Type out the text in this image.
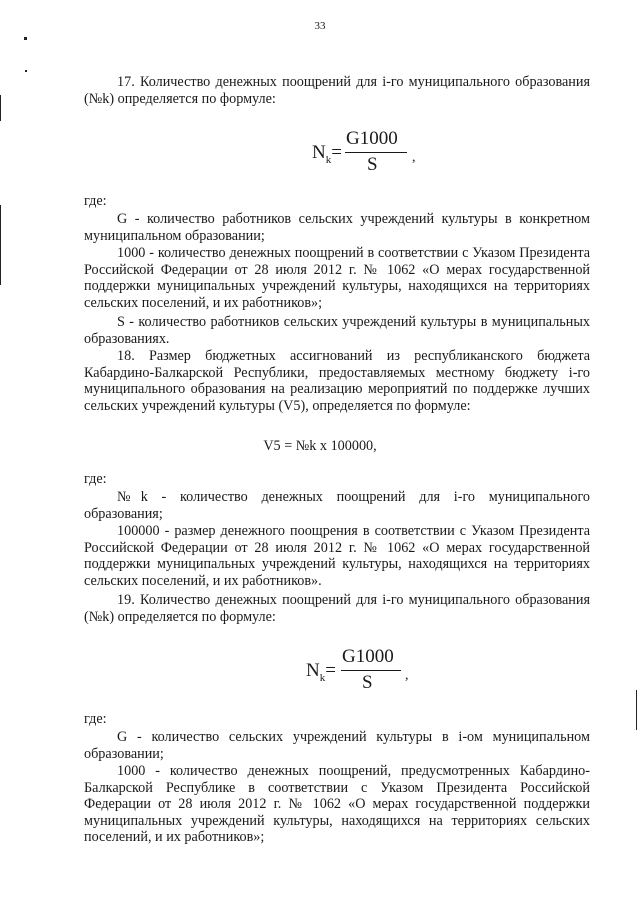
33

17. Количество денежных поощрений для i-го муниципального образования (№k) определяется по формуле:

$N_k=$
G1000
S ,

где:

G - количество работников сельских учреждений культуры в конкретном муниципальном образовании;

1000 - количество денежных поощрений в соответствии с Указом Президента Российской Федерации от 28 июля 2012 г. № 1062 «О мерах государственной поддержки муниципальных учреждений культуры, находящихся на территориях сельских поселений, и их работников»;

S - количество работников сельских учреждений культуры в муниципальных образованиях.

18. Размер бюджетных ассигнований из республиканского бюджета Кабардино-Балкарской Республики, предоставляемых местному бюджету i-го муниципального образования на реализацию мероприятий по поддержке лучших сельских учреждений культуры (V5), определяется по формуле:

V5 = №k x 100000,

где:

№k - количество денежных поощрений для i-го муниципального образования;

100000 - размер денежного поощрения в соответствии с Указом Президента Российской Федерации от 28 июля 2012 г. № 1062 «О мерах государственной поддержки муниципальных учреждений культуры, находящихся на территориях сельских поселений, и их работников».

19. Количество денежных поощрений для i-го муниципального образования (№k) определяется по формуле:

$N_k=$
G1000
S ,

где:

G - количество сельских учреждений культуры в i-ом муниципальном образовании;

1000 - количество денежных поощрений, предусмотренных Кабардино-Балкарской Республике в соответствии с Указом Президента Российской Федерации от 28 июля 2012 г. № 1062 «О мерах государственной поддержки муниципальных учреждений культуры, находящихся на территориях сельских поселений, и их работников»;
